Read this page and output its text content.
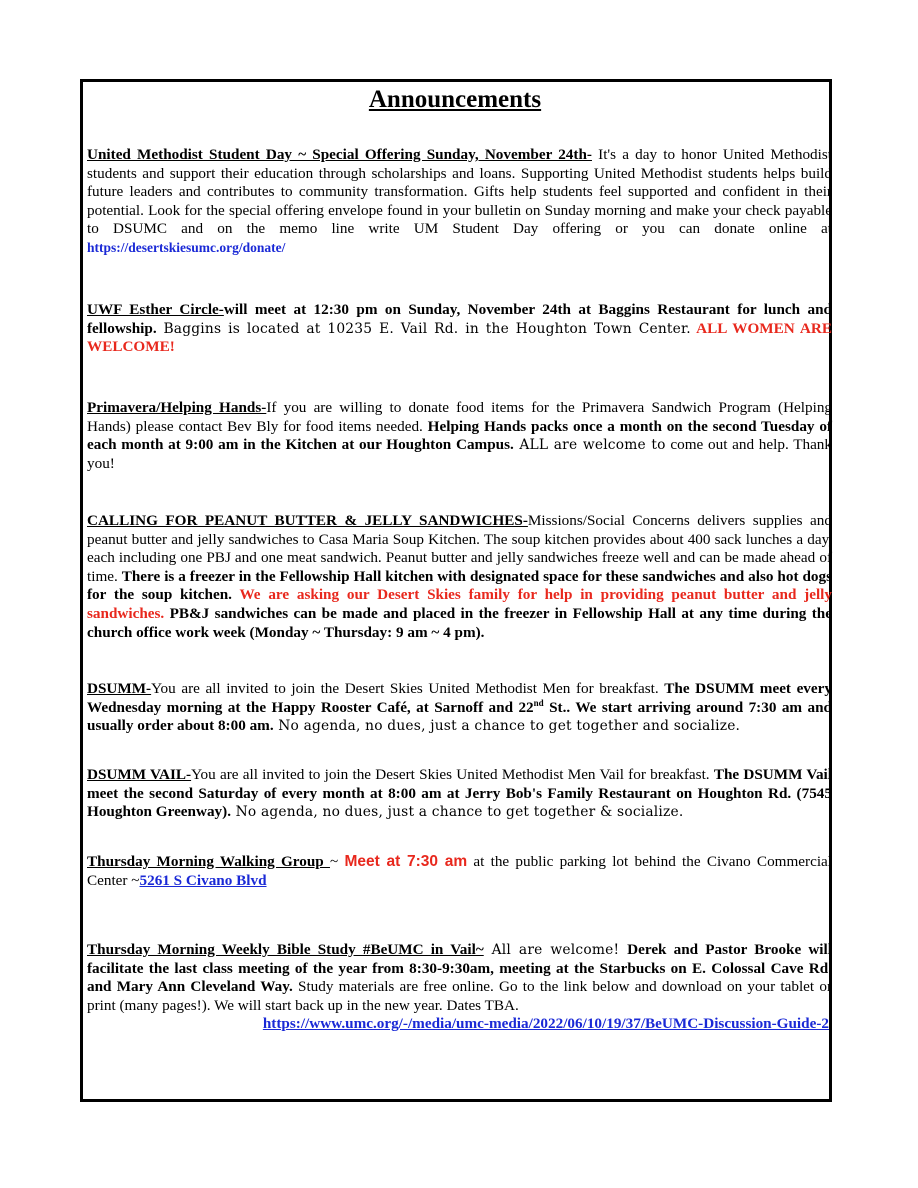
Announcements

United Methodist Student Day ~ Special Offering Sunday, November 24th- It's a day to honor United Methodist students and support their education through scholarships and loans. Supporting United Methodist students helps build future leaders and contributes to community transformation. Gifts help students feel supported and confident in their potential. Look for the special offering envelope found in your bulletin on Sunday morning and make your check payable to DSUMC and on the memo line write UM Student Day offering or you can donate online at https://desertskiesumc.org/donate/

UWF Esther Circle-will meet at 12:30 pm on Sunday, November 24th at Baggins Restaurant for lunch and fellowship. Baggins is located at 10235 E. Vail Rd. in the Houghton Town Center. ALL WOMEN ARE WELCOME!

Primavera/Helping Hands-If you are willing to donate food items for the Primavera Sandwich Program (Helping Hands) please contact Bev Bly for food items needed. Helping Hands packs once a month on the second Tuesday of each month at 9:00 am in the Kitchen at our Houghton Campus. ALL are welcome to come out and help. Thank you!

CALLING FOR PEANUT BUTTER & JELLY SANDWICHES-Missions/Social Concerns delivers supplies and peanut butter and jelly sandwiches to Casa Maria Soup Kitchen. The soup kitchen provides about 400 sack lunches a day, each including one PBJ and one meat sandwich. Peanut butter and jelly sandwiches freeze well and can be made ahead of time. There is a freezer in the Fellowship Hall kitchen with designated space for these sandwiches and also hot dogs for the soup kitchen. We are asking our Desert Skies family for help in providing peanut butter and jelly sandwiches. PB&J sandwiches can be made and placed in the freezer in Fellowship Hall at any time during the church office work week (Monday ~ Thursday: 9 am ~ 4 pm).

DSUMM-You are all invited to join the Desert Skies United Methodist Men for breakfast. The DSUMM meet every Wednesday morning at the Happy Rooster Café, at Sarnoff and 22nd St.. We start arriving around 7:30 am and usually order about 8:00 am. No agenda, no dues, just a chance to get together and socialize.

DSUMM VAIL-You are all invited to join the Desert Skies United Methodist Men Vail for breakfast. The DSUMM Vail meet the second Saturday of every month at 8:00 am at Jerry Bob's Family Restaurant on Houghton Rd. (7545 Houghton Greenway). No agenda, no dues, just a chance to get together & socialize.

Thursday Morning Walking Group ~ Meet at 7:30 am at the public parking lot behind the Civano Commercial Center ~5261 S Civano Blvd

Thursday Morning Weekly Bible Study #BeUMC in Vail~ All are welcome! Derek and Pastor Brooke will facilitate the last class meeting of the year from 8:30-9:30am, meeting at the Starbucks on E. Colossal Cave Rd. and Mary Ann Cleveland Way. Study materials are free online. Go to the link below and download on your tablet or print (many pages!). We will start back up in the new year. Dates TBA.

https://www.umc.org/-/media/umc-media/2022/06/10/19/37/BeUMC-Discussion-Guide-2
